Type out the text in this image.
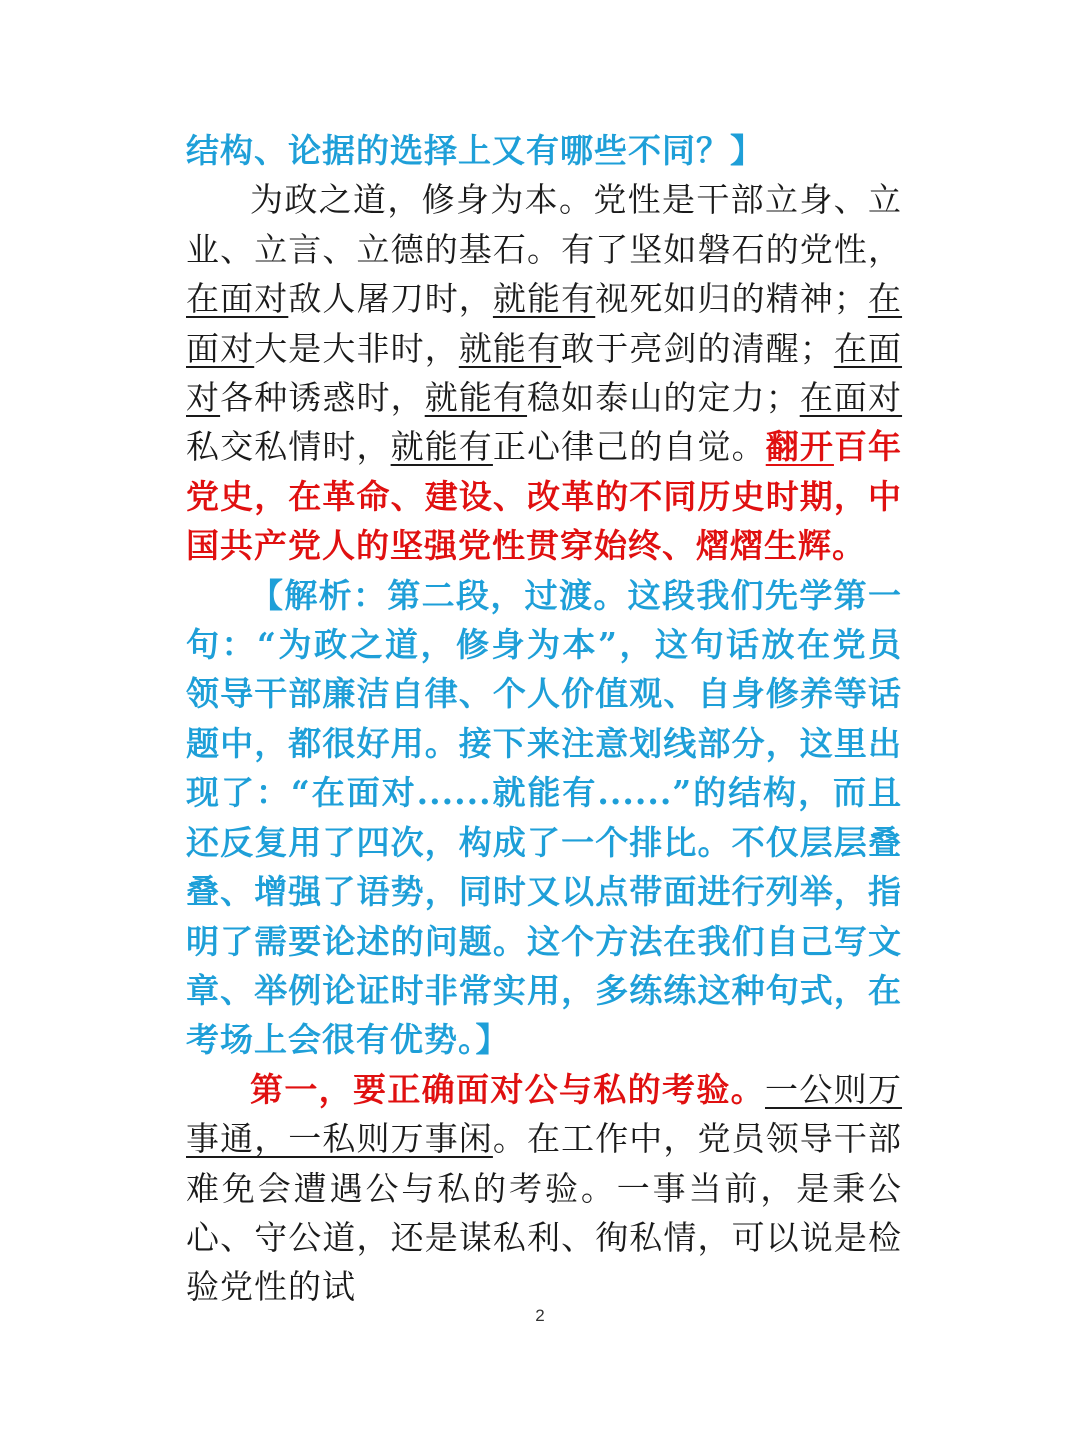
结构、论据的选择上又有哪些不同？】

为政之道，修身为本。党性是干部立身、立业、立言、立德的基石。有了坚如磐石的党性，在面对敌人屠刀时，就能有视死如归的精神；在面对大是大非时，就能有敢于亮剑的清醒；在面对各种诱惑时，就能有稳如泰山的定力；在面对私交私情时，就能有正心律己的自觉。翻开百年党史，在革命、建设、改革的不同历史时期，中国共产党人的坚强党性贯穿始终、熠熠生辉。

【解析：第二段，过渡。这段我们先学第一句：“为政之道，修身为本”，这句话放在党员领导干部廉洁自律、个人价值观、自身修养等话题中，都很好用。接下来注意划线部分，这里出现了：“在面对......就能有......”的结构，而且还反复用了四次，构成了一个排比。不仅层层叠叠、增强了语势，同时又以点带面进行列举，指明了需要论述的问题。这个方法在我们自己写文章、举例论证时非常实用，多练练这种句式，在考场上会很有优势。】

第一，要正确面对公与私的考验。一公则万事通，一私则万事闲。在工作中，党员领导干部难免会遭遇公与私的考验。一事当前，是秉公心、守公道，还是谋私利、徇私情，可以说是检验党性的试

2
